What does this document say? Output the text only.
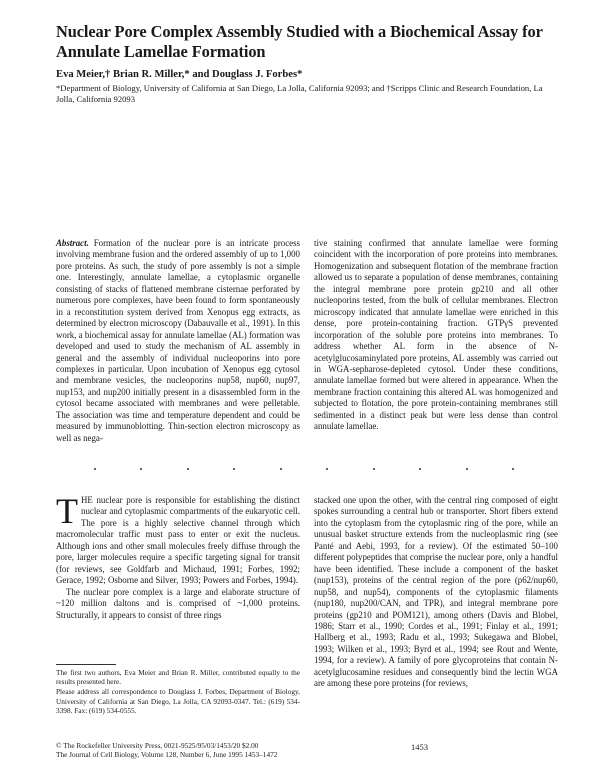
Nuclear Pore Complex Assembly Studied with a Biochemical Assay for Annulate Lamellae Formation
Eva Meier,† Brian R. Miller,* and Douglass J. Forbes*
*Department of Biology, University of California at San Diego, La Jolla, California 92093; and †Scripps Clinic and Research Foundation, La Jolla, California 92093

Abstract. Formation of the nuclear pore is an intricate process involving membrane fusion and the ordered assembly of up to 1,000 pore proteins. As such, the study of pore assembly is not a simple one. Interestingly, annulate lamellae, a cytoplasmic organelle consisting of stacks of flattened membrane cisternae perforated by numerous pore complexes, have been found to form spontaneously in a reconstitution system derived from Xenopus egg extracts, as determined by electron microscopy (Dabauvalle et al., 1991). In this work, a biochemical assay for annulate lamellae (AL) formation was developed and used to study the mechanism of AL assembly in general and the assembly of individual nucleoporins into pore complexes in particular. Upon incubation of Xenopus egg cytosol and membrane vesicles, the nucleoporins nup58, nup60, nup97, nup153, and nup200 initially present in a disassembled form in the cytosol became associated with membranes and were pelletable. The association was time and temperature dependent and could be measured by immunoblotting. Thin-section electron microscopy as well as nega-

tive staining confirmed that annulate lamellae were forming coincident with the incorporation of pore proteins into membranes. Homogenization and subsequent flotation of the membrane fraction allowed us to separate a population of dense membranes, containing the integral membrane pore protein gp210 and all other nucleoporins tested, from the bulk of cellular membranes. Electron microscopy indicated that annulate lamellae were enriched in this dense, pore protein-containing fraction. GTPγS prevented incorporation of the soluble pore proteins into membranes. To address whether AL form in the absence of N-acetylglucosaminylated pore proteins, AL assembly was carried out in WGA-sepharose-depleted cytosol. Under these conditions, annulate lamellae formed but were altered in appearance. When the membrane fraction containing this altered AL was homogenized and subjected to flotation, the pore protein-containing membranes still sedimented in a distinct peak but were less dense than control annulate lamellae.

THE nuclear pore is responsible for establishing the distinct nuclear and cytoplasmic compartments of the eukaryotic cell. The pore is a highly selective channel through which macromolecular traffic must pass to enter or exit the nucleus. Although ions and other small molecules freely diffuse through the pore, larger molecules require a specific targeting signal for transit (for reviews, see Goldfarb and Michaud, 1991; Forbes, 1992; Gerace, 1992; Osborne and Silver, 1993; Powers and Forbes, 1994).

The nuclear pore complex is a large and elaborate structure of ~120 million daltons and is comprised of ~1,000 proteins. Structurally, it appears to consist of three rings

stacked one upon the other, with the central ring composed of eight spokes surrounding a central hub or transporter. Short fibers extend into the cytoplasm from the cytoplasmic ring of the pore, while an unusual basket structure extends from the nucleoplasmic ring (see Panté and Aebi, 1993, for a review). Of the estimated 50–100 different polypeptides that comprise the nuclear pore, only a handful have been identified. These include a component of the basket (nup153), proteins of the central region of the pore (p62/nup60, nup58, and nup54), components of the cytoplasmic filaments (nup180, nup200/CAN, and TPR), and integral membrane pore proteins (gp210 and POM121), among others (Davis and Blobel, 1986; Starr et al., 1990; Cordes et al., 1991; Finlay et al., 1991; Hallberg et al., 1993; Radu et al., 1993; Sukegawa and Blobel, 1993; Wilken et al., 1993; Byrd et al., 1994; see Rout and Wente, 1994, for a review). A family of pore glycoproteins that contain N-acetylglucosamine residues and consequently bind the lectin WGA are among these pore proteins (for reviews,

The first two authors, Eva Meier and Brian R. Miller, contributed equally to the results presented here.

Please address all correspondence to Douglass J. Forbes, Department of Biology, University of California at San Diego, La Jolla, CA 92093-0347. Tel.: (619) 534-3398. Fax: (619) 534-0555.

© The Rockefeller University Press, 0021-9525/95/03/1453/20 $2.00
The Journal of Cell Biology, Volume 128, Number 6, June 1995 1453–1472
1453
